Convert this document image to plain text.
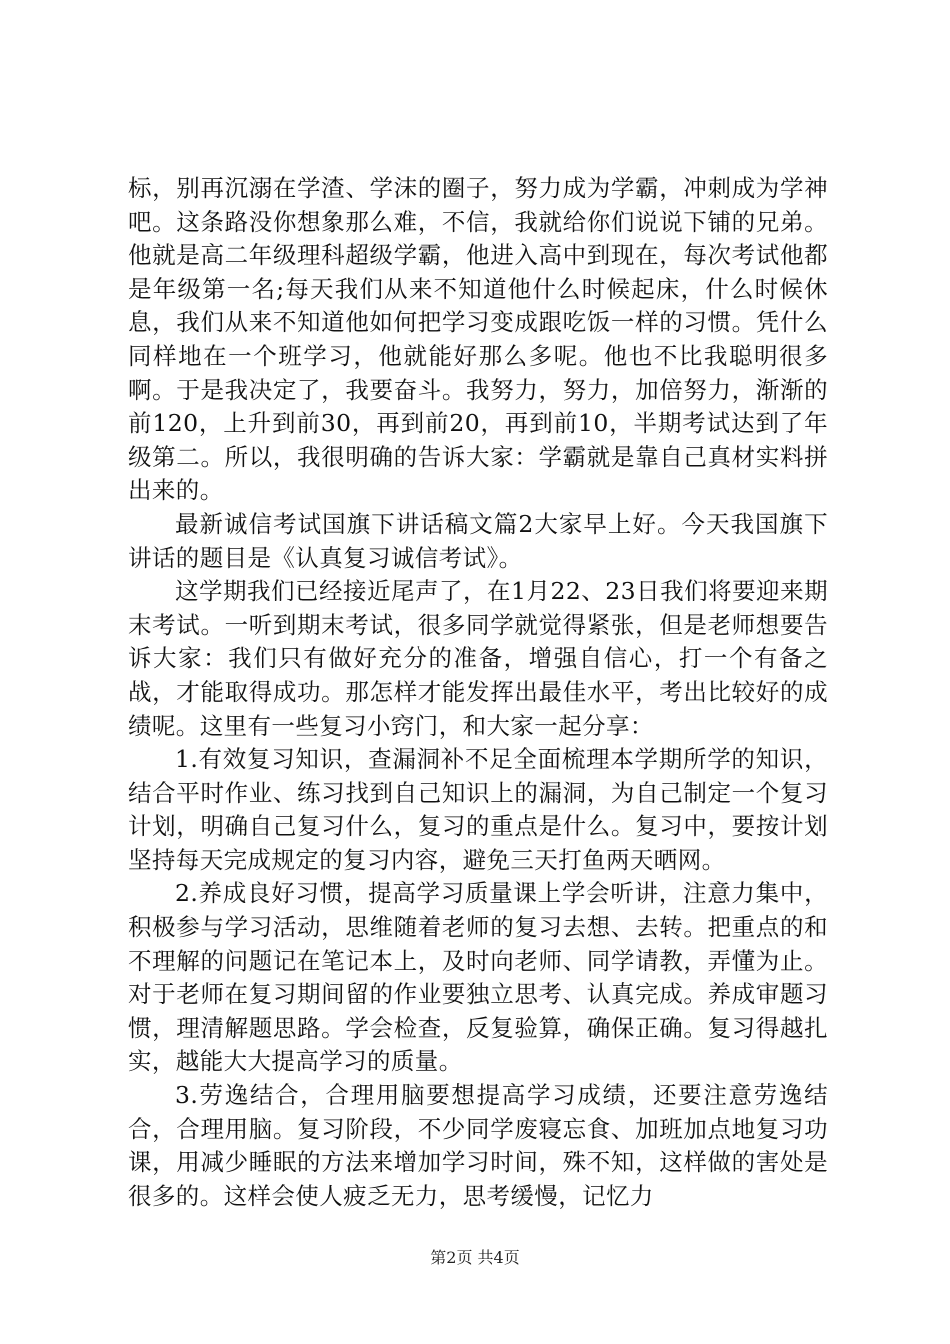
标，别再沉溺在学渣、学沫的圈子，努力成为学霸，冲刺成为学神吧。这条路没你想象那么难，不信，我就给你们说说下铺的兄弟。他就是高二年级理科超级学霸，他进入高中到现在，每次考试他都是年级第一名;每天我们从来不知道他什么时候起床，什么时候休息，我们从来不知道他如何把学习变成跟吃饭一样的习惯。凭什么同样地在一个班学习，他就能好那么多呢。他也不比我聪明很多啊。于是我决定了，我要奋斗。我努力，努力，加倍努力，渐渐的前120，上升到前30，再到前20，再到前10，半期考试达到了年级第二。所以，我很明确的告诉大家：学霸就是靠自己真材实料拼出来的。

最新诚信考试国旗下讲话稿文篇2大家早上好。今天我国旗下讲话的题目是《认真复习诚信考试》。

这学期我们已经接近尾声了，在1月22、23日我们将要迎来期末考试。一听到期末考试，很多同学就觉得紧张，但是老师想要告诉大家：我们只有做好充分的准备，增强自信心，打一个有备之战，才能取得成功。那怎样才能发挥出最佳水平，考出比较好的成绩呢。这里有一些复习小窍门，和大家一起分享：

1.有效复习知识，查漏洞补不足全面梳理本学期所学的知识，结合平时作业、练习找到自己知识上的漏洞，为自己制定一个复习计划，明确自己复习什么，复习的重点是什么。复习中，要按计划坚持每天完成规定的复习内容，避免三天打鱼两天晒网。

2.养成良好习惯，提高学习质量课上学会听讲，注意力集中，积极参与学习活动，思维随着老师的复习去想、去转。把重点的和不理解的问题记在笔记本上，及时向老师、同学请教，弄懂为止。对于老师在复习期间留的作业要独立思考、认真完成。养成审题习惯，理清解题思路。学会检查，反复验算，确保正确。复习得越扎实，越能大大提高学习的质量。

3.劳逸结合，合理用脑要想提高学习成绩，还要注意劳逸结合，合理用脑。复习阶段，不少同学废寝忘食、加班加点地复习功课，用减少睡眠的方法来增加学习时间，殊不知，这样做的害处是很多的。这样会使人疲乏无力，思考缓慢，记忆力

第2页 共4页
